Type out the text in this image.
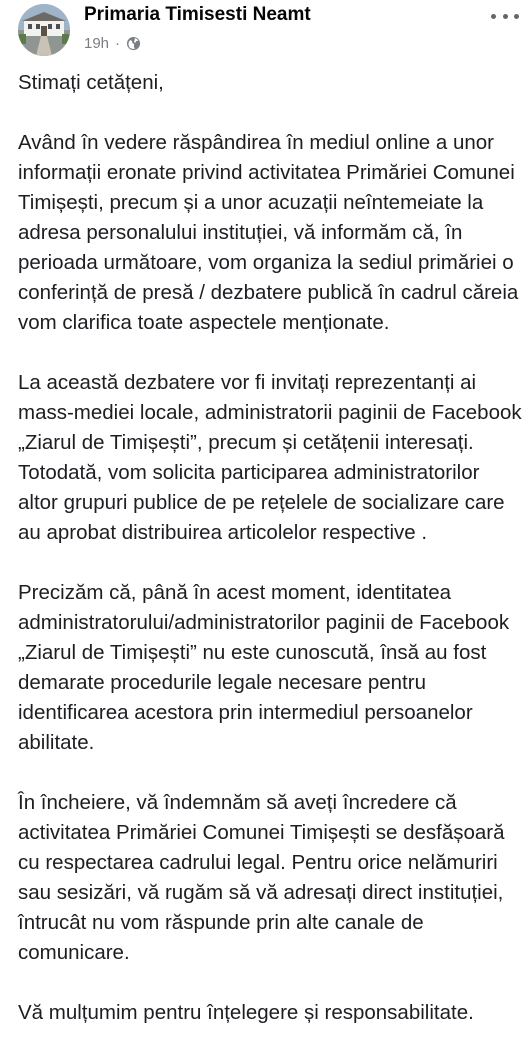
Primaria Timisesti Neamt
19h ·

Stimați cetățeni,

Având în vedere răspândirea în mediul online a unor informații eronate privind activitatea Primăriei Comunei Timișești, precum și a unor acuzații neîntemeiate la adresa personalului instituției, vă informăm că, în perioada următoare, vom organiza la sediul primăriei o conferință de presă / dezbatere publică în cadrul căreia vom clarifica toate aspectele menționate.

La această dezbatere vor fi invitați reprezentanți ai mass-mediei locale, administratorii paginii de Facebook „Ziarul de Timișești”, precum și cetățenii interesați. Totodată, vom solicita participarea administratorilor altor grupuri publice de pe rețelele de socializare care au aprobat distribuirea articolelor respective .

Precizăm că, până în acest moment, identitatea administratorului/administratorilor paginii de Facebook „Ziarul de Timișești” nu este cunoscută, însă au fost demarate procedurile legale necesare pentru identificarea acestora prin intermediul persoanelor abilitate.

În încheiere, vă îndemnăm să aveți încredere că activitatea Primăriei Comunei Timișești se desfășoară cu respectarea cadrului legal. Pentru orice nelămuriri sau sesizări, vă rugăm să vă adresați direct instituției, întrucât nu vom răspunde prin alte canale de comunicare.

Vă mulțumim pentru înțelegere și responsabilitate.
